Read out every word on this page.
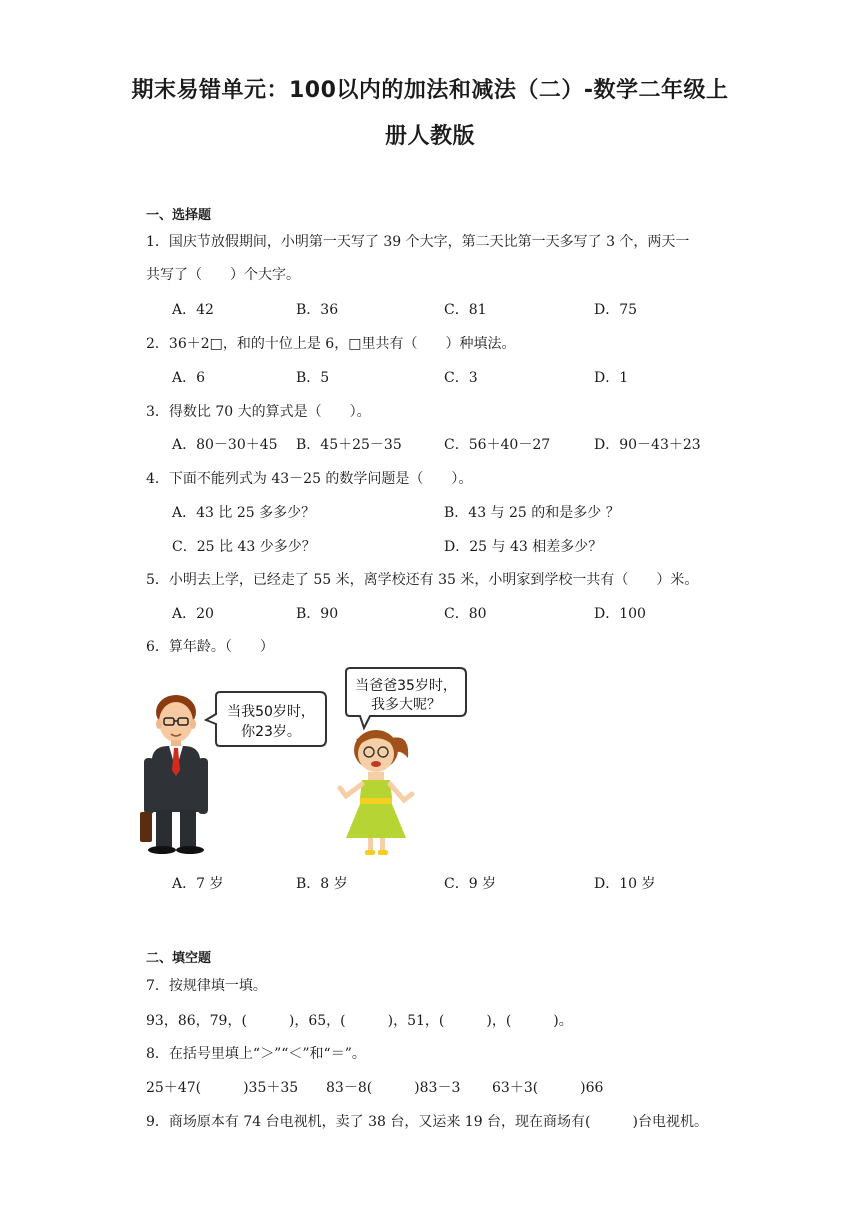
期末易错单元：100以内的加法和减法（二）-数学二年级上
册人教版
一、选择题
1．国庆节放假期间，小明第一天写了 39 个大字，第二天比第一天多写了 3 个，两天一
共写了（　　）个大字。
A．42	B．36	C．81	D．75
2．36＋2□，和的十位上是 6，□里共有（　　）种填法。
A．6	B．5	C．3	D．1
3．得数比 70 大的算式是（　　）。
A．80－30＋45 B．45＋25－35	C．56＋40－27	D．90－43＋23
4．下面不能列式为 43－25 的数学问题是（　　）。
A．43 比 25 多多少？	B．43 与 25 的和是多少 ？
C．25 比 43 少多少？	D．25 与 43 相差多少？
5．小明去上学，已经走了 55 米，离学校还有 35 米，小明家到学校一共有（　　）米。
A．20	B．90	C．80	D．100
6．算年龄。（　　）
当我50岁时，
你23岁。
当爸爸35岁时，
我多大呢？
A．7 岁	B．8 岁	C．9 岁	D．10 岁
二、填空题
7．按规律填一填。
93，86，79，(　　　)，65，(　　　)，51，(　　　)，(　　　)。
8．在括号里填上“＞”“＜”和“＝”。
25＋47(　　　)35＋35 83－8(　　　)83－3 63＋3(　　　)66
9．商场原本有 74 台电视机，卖了 38 台，又运来 19 台，现在商场有(　　　)台电视机。
